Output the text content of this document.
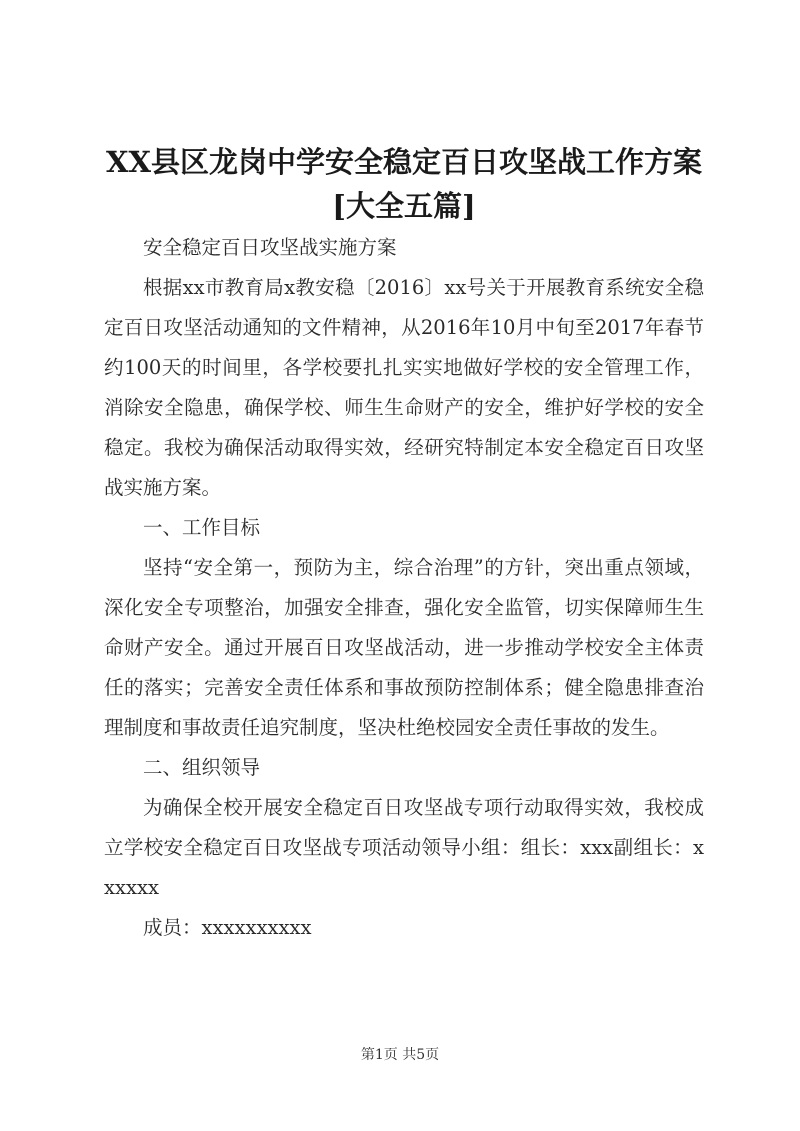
XX县区龙岗中学安全稳定百日攻坚战工作方案[大全五篇]

安全稳定百日攻坚战实施方案

根据xx市教育局x教安稳〔2016〕xx号关于开展教育系统安全稳定百日攻坚活动通知的文件精神，从2016年10月中旬至2017年春节约100天的时间里，各学校要扎扎实实地做好学校的安全管理工作，消除安全隐患，确保学校、师生生命财产的安全，维护好学校的安全稳定。我校为确保活动取得实效，经研究特制定本安全稳定百日攻坚战实施方案。

一、工作目标

坚持“安全第一，预防为主，综合治理”的方针，突出重点领域，深化安全专项整治，加强安全排查，强化安全监管，切实保障师生生命财产安全。通过开展百日攻坚战活动，进一步推动学校安全主体责任的落实；完善安全责任体系和事故预防控制体系；健全隐患排查治理制度和事故责任追究制度，坚决杜绝校园安全责任事故的发生。

二、组织领导

为确保全校开展安全稳定百日攻坚战专项行动取得实效，我校成立学校安全稳定百日攻坚战专项活动领导小组：组长：xxx副组长：xxxxxx

成员：xxxxxxxxxx

第1页 共5页
